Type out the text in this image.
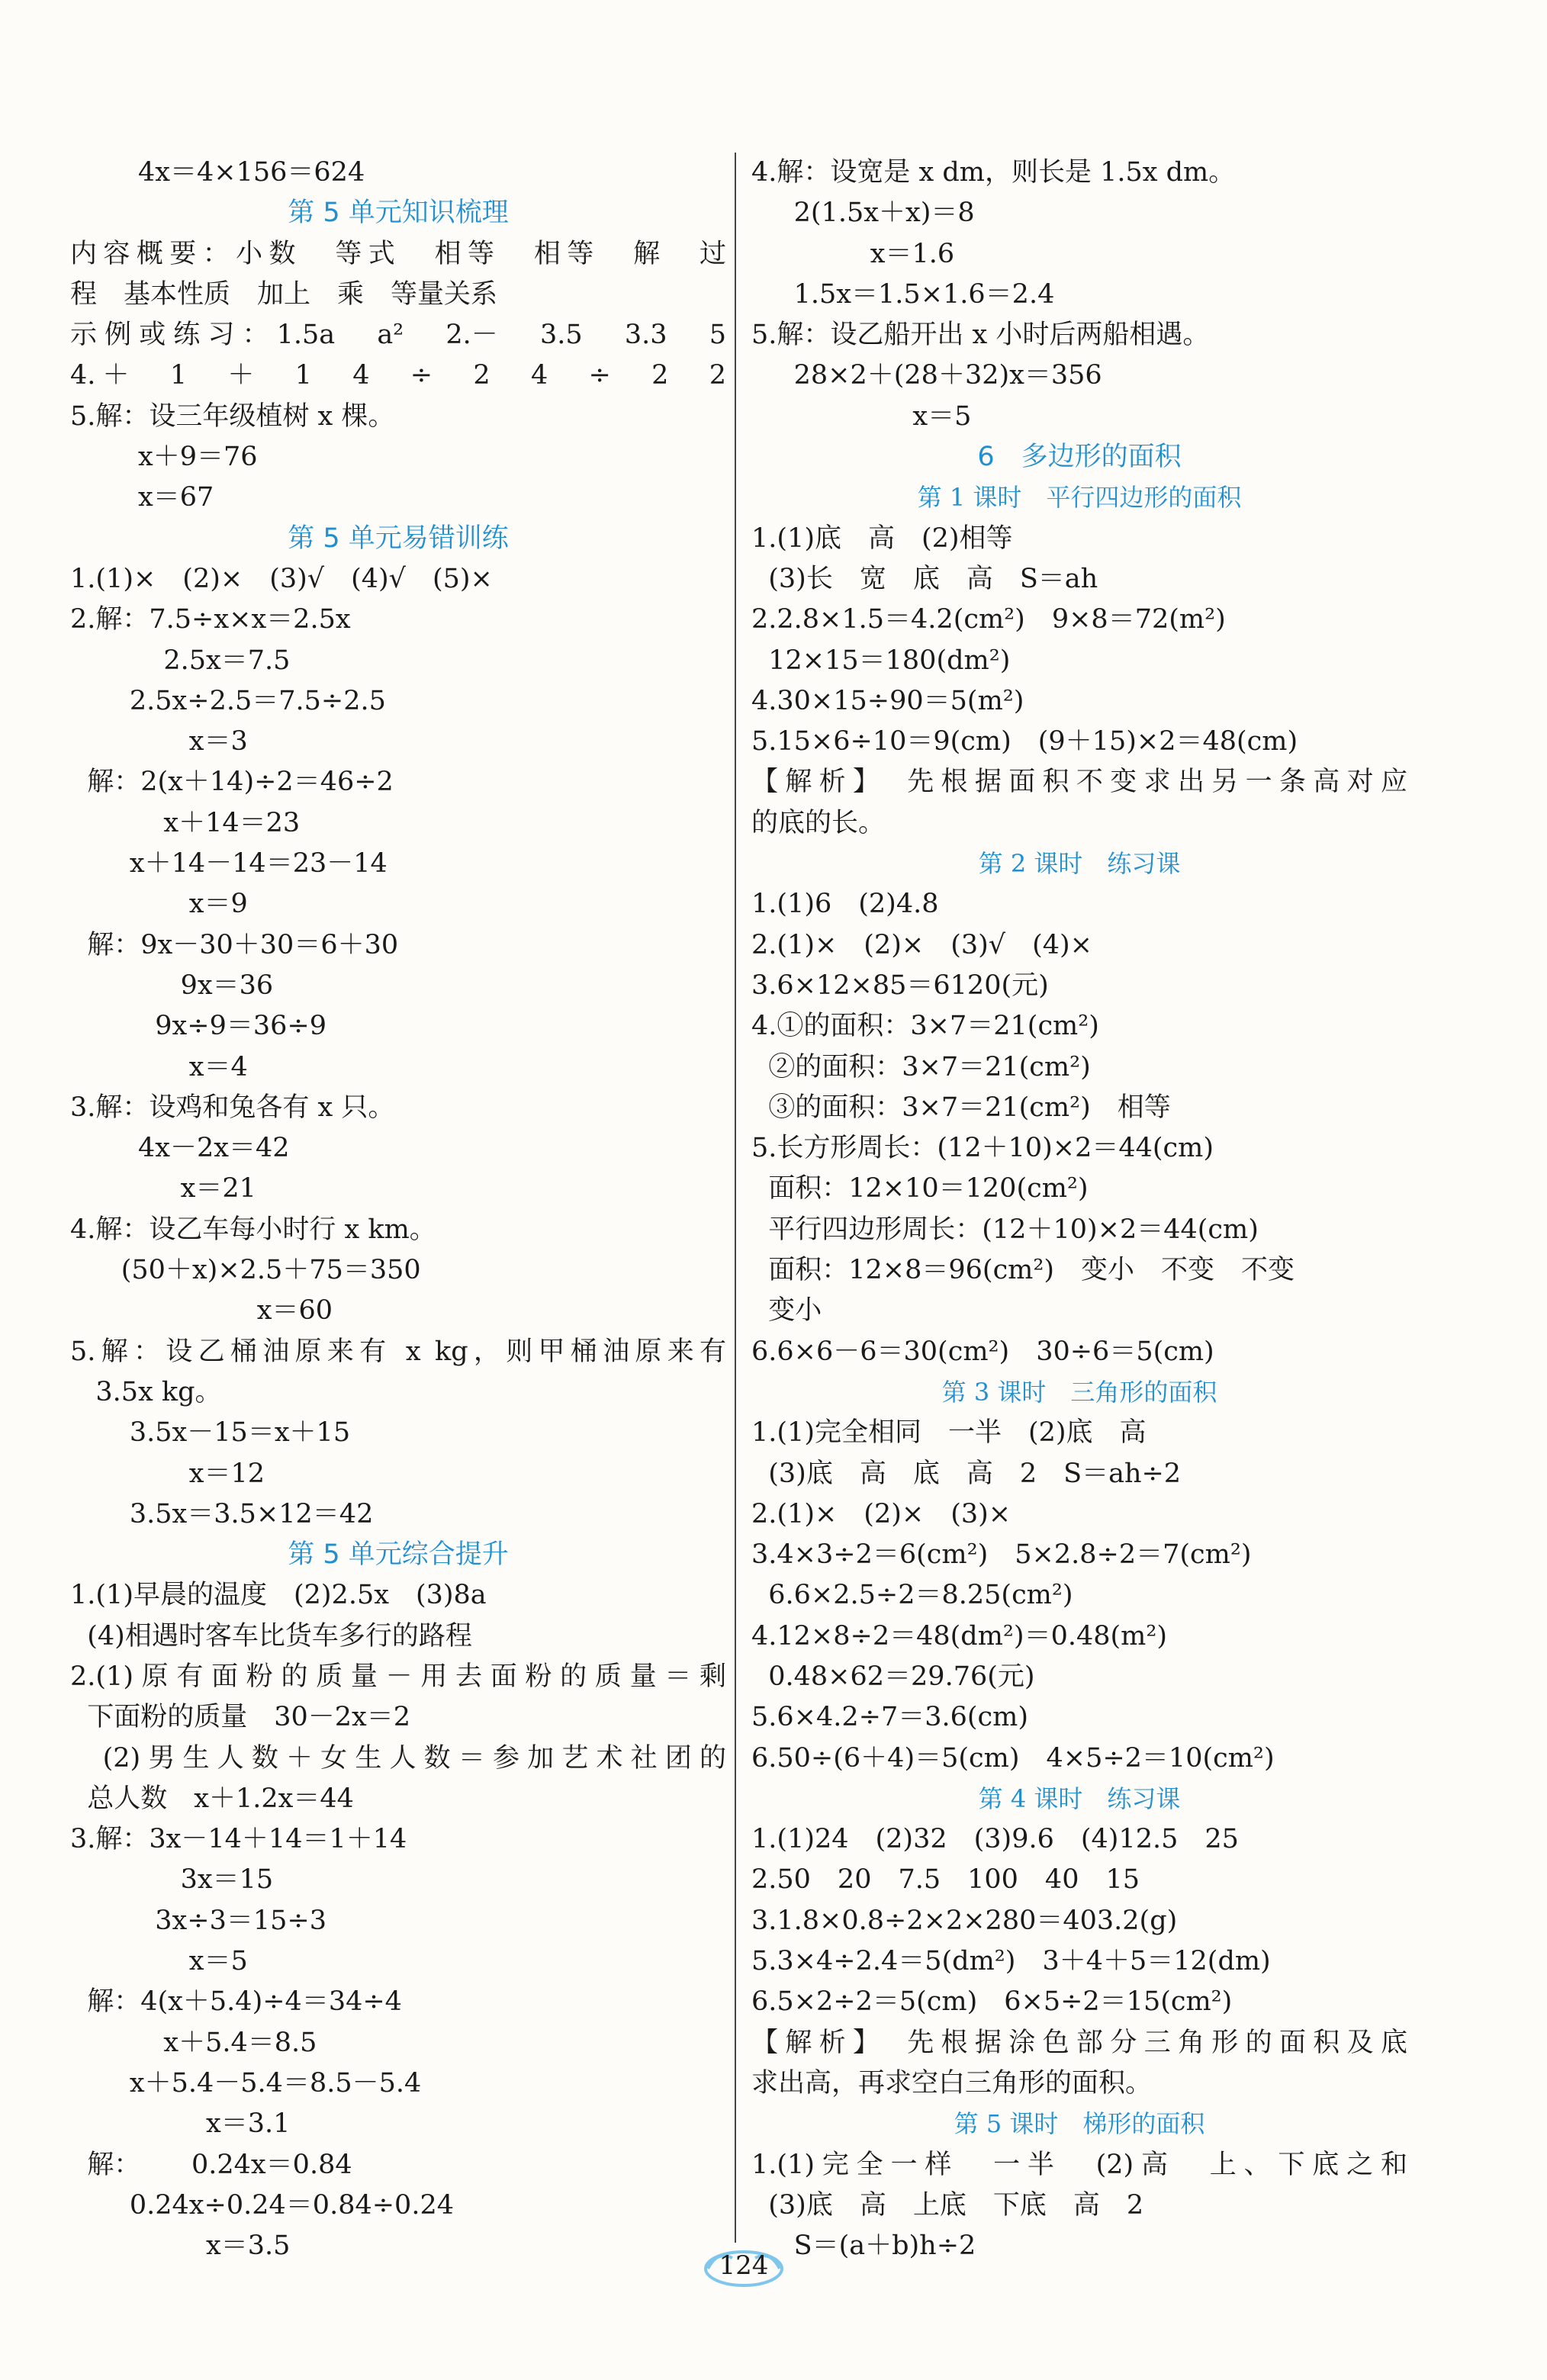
4x＝4×156＝624
第 5 单元知识梳理
内容概要：小数　等式　相等　相等　解　过
程　基本性质　加上　乘　等量关系
示例或练习：1.5a　a²　2.－　3.5　3.3　5
4.＋　1　＋　1　4　÷　2　4　÷　2　2
5.解：设三年级植树 x 棵。
x＋9＝76
x＝67
第 5 单元易错训练
1.(1)×　(2)×　(3)√　(4)√　(5)×
2.解：7.5÷x×x＝2.5x
2.5x＝7.5
2.5x÷2.5＝7.5÷2.5
x＝3
解：2(x＋14)÷2＝46÷2
x＋14＝23
x＋14－14＝23－14
x＝9
解：9x－30＋30＝6＋30
9x＝36
9x÷9＝36÷9
x＝4
3.解：设鸡和兔各有 x 只。
4x－2x＝42
x＝21
4.解：设乙车每小时行 x km。
(50＋x)×2.5＋75＝350
x＝60
5.解：设乙桶油原来有 x kg，则甲桶油原来有
3.5x kg。
3.5x－15＝x＋15
x＝12
3.5x＝3.5×12＝42
第 5 单元综合提升
1.(1)早晨的温度　(2)2.5x　(3)8a
(4)相遇时客车比货车多行的路程
2.(1)原有面粉的质量－用去面粉的质量＝剩
下面粉的质量　30－2x＝2
(2)男生人数＋女生人数＝参加艺术社团的
总人数　x＋1.2x＝44
3.解：3x－14＋14＝1＋14
3x＝15
3x÷3＝15÷3
x＝5
解：4(x＋5.4)÷4＝34÷4
x＋5.4＝8.5
x＋5.4－5.4＝8.5－5.4
x＝3.1
解：      0.24x＝0.84
0.24x÷0.24＝0.84÷0.24
x＝3.5
4.解：设宽是 x dm，则长是 1.5x dm。
2(1.5x＋x)＝8
x＝1.6
1.5x＝1.5×1.6＝2.4
5.解：设乙船开出 x 小时后两船相遇。
28×2＋(28＋32)x＝356
x＝5
6　多边形的面积
第 1 课时　平行四边形的面积
1.(1)底　高　(2)相等
(3)长　宽　底　高　S＝ah
2.2.8×1.5＝4.2(cm²)　9×8＝72(m²)
12×15＝180(dm²)
4.30×15÷90＝5(m²)
5.15×6÷10＝9(cm)　(9＋15)×2＝48(cm)
【解析】　先根据面积不变求出另一条高对应
的底的长。
第 2 课时　练习课
1.(1)6　(2)4.8
2.(1)×　(2)×　(3)√　(4)×
3.6×12×85＝6120(元)
4.①的面积：3×7＝21(cm²)
②的面积：3×7＝21(cm²)
③的面积：3×7＝21(cm²)　相等
5.长方形周长：(12＋10)×2＝44(cm)
面积：12×10＝120(cm²)
平行四边形周长：(12＋10)×2＝44(cm)
面积：12×8＝96(cm²)　变小　不变　不变
变小
6.6×6－6＝30(cm²)　30÷6＝5(cm)
第 3 课时　三角形的面积
1.(1)完全相同　一半　(2)底　高
(3)底　高　底　高　2　S＝ah÷2
2.(1)×　(2)×　(3)×
3.4×3÷2＝6(cm²)　5×2.8÷2＝7(cm²)
6.6×2.5÷2＝8.25(cm²)
4.12×8÷2＝48(dm²)＝0.48(m²)
0.48×62＝29.76(元)
5.6×4.2÷7＝3.6(cm)
6.50÷(6＋4)＝5(cm)　4×5÷2＝10(cm²)
第 4 课时　练习课
1.(1)24　(2)32　(3)9.6　(4)12.5　25
2.50　20　7.5　100　40　15
3.1.8×0.8÷2×2×280＝403.2(g)
5.3×4÷2.4＝5(dm²)　3＋4＋5＝12(dm)
6.5×2÷2＝5(cm)　6×5÷2＝15(cm²)
【解析】　先根据涂色部分三角形的面积及底
求出高，再求空白三角形的面积。
第 5 课时　梯形的面积
1.(1)完全一样　一半　(2)高　上、下底之和
(3)底　高　上底　下底　高　2
S＝(a＋b)h÷2
124
